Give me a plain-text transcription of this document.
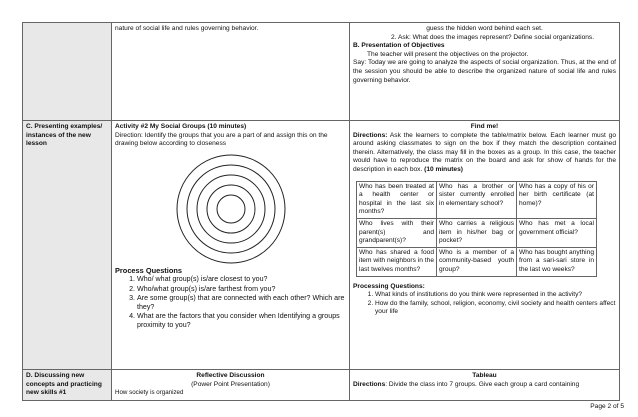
	nature of social life and rules governing behavior.	guess the hidden word behind each set.
2. Ask: What does the images represent? Define social organizations.
B. Presentation of Objectives
The teacher will present the objectives on the projector.
Say: Today we are going to analyze the aspects of social organization. Thus, at the end of the session you should be able to describe the organized nature of social life and rules governing behavior.

C. Presenting examples/ instances of the new lesson	
Activity #2 My Social Groups (10 minutes)
Direction: Identify the groups that you are a part of and assign this on the drawing below according to closeness
Process Questions
1. Who/ what group(s) is/are closest to you?
2. Who/what group(s) is/are farthest from you?
3. Are some group(s) that are connected with each other? Which are they?
4. What are the factors that you consider when Identifying a groups proximity to you?

Find me!
Directions: Ask the learners to complete the table/matrix below. Each learner must go around asking classmates to sign on the box if they match the description contained therein. Alternatively, the class may fill in the boxes as a group. In this case, the teacher would have to reproduce the matrix on the board and ask for show of hands for the description in each box. (10 minutes)
Who has been treated at a health center or hospital in the last six months?	Who has a brother or sister currently enrolled in elementary school?	Who has a copy of his or her birth certificate (at home)?
Who lives with their parent(s) and grandparent(s)?	Who carries a religious item in his/her bag or pocket?	Who has met a local government official?
Who has shared a food item with neighbors in the last twelves months?	Who is a member of a community-based youth group?	Who has bought anything from a sari-sari store in the last wo weeks?
Processing Questions:
1. What kinds of institutions do you think were represented in the activity?
2. How do the family, school, religion, economy, civil society and health centers affect your life

D. Discussing new concepts and practicing new skills #1	
Reflective Discussion
(Power Point Presentation)
How society is organized

Tableau
Directions: Divide the class into 7 groups. Give each group a card containing
Page 2 of 5
